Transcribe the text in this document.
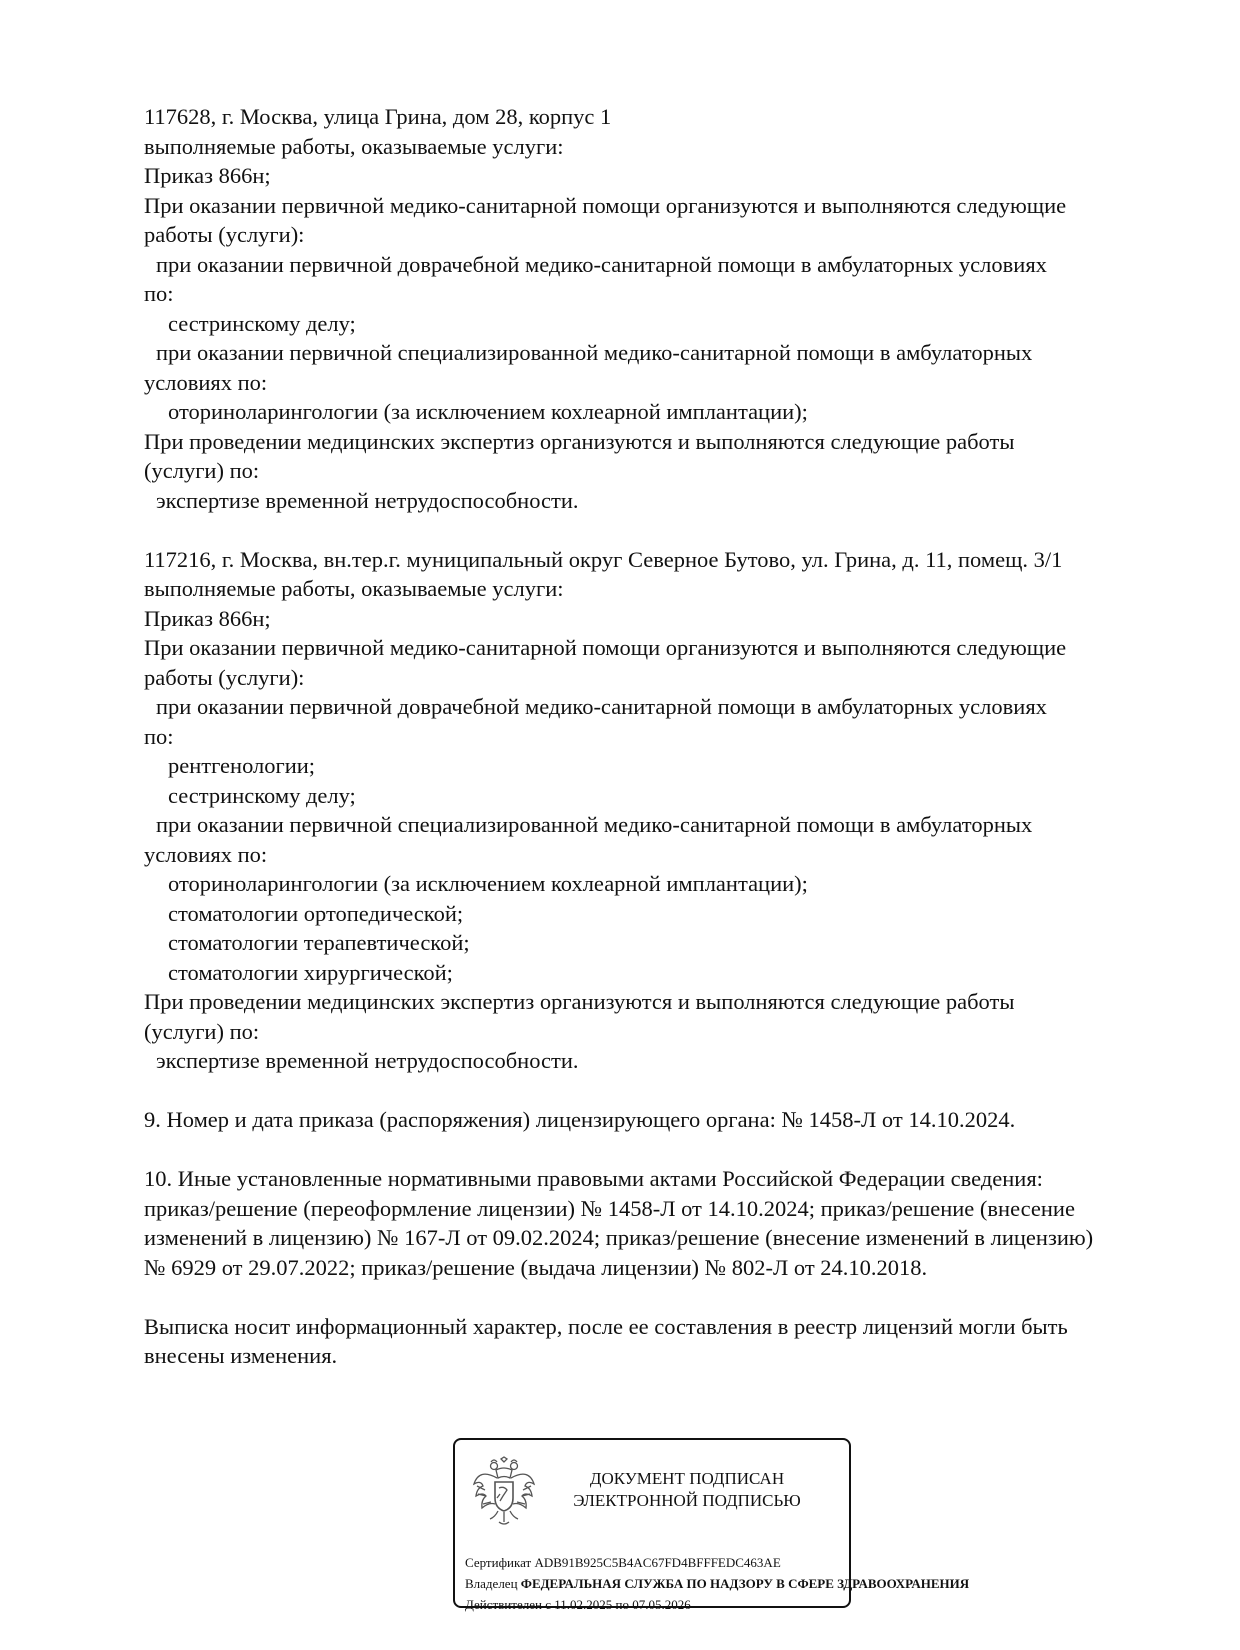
117628, г. Москва, улица Грина, дом 28, корпус 1
выполняемые работы, оказываемые услуги:
Приказ 866н;
При оказании первичной медико-санитарной помощи организуются и выполняются следующие
работы (услуги):
при оказании первичной доврачебной медико-санитарной помощи в амбулаторных условиях
по:
сестринскому делу;
при оказании первичной специализированной медико-санитарной помощи в амбулаторных
условиях по:
оториноларингологии (за исключением кохлеарной имплантации);
При проведении медицинских экспертиз организуются и выполняются следующие работы
(услуги) по:
экспертизе временной нетрудоспособности.
117216, г. Москва, вн.тер.г. муниципальный округ Северное Бутово, ул. Грина, д. 11, помещ. 3/1
выполняемые работы, оказываемые услуги:
Приказ 866н;
При оказании первичной медико-санитарной помощи организуются и выполняются следующие
работы (услуги):
при оказании первичной доврачебной медико-санитарной помощи в амбулаторных условиях
по:
рентгенологии;
сестринскому делу;
при оказании первичной специализированной медико-санитарной помощи в амбулаторных
условиях по:
оториноларингологии (за исключением кохлеарной имплантации);
стоматологии ортопедической;
стоматологии терапевтической;
стоматологии хирургической;
При проведении медицинских экспертиз организуются и выполняются следующие работы
(услуги) по:
экспертизе временной нетрудоспособности.
9. Номер и дата приказа (распоряжения) лицензирующего органа: № 1458-Л от 14.10.2024.
10. Иные установленные нормативными правовыми актами Российской Федерации сведения:
приказ/решение (переоформление лицензии) № 1458-Л от 14.10.2024; приказ/решение (внесение
изменений в лицензию) № 167-Л от 09.02.2024; приказ/решение (внесение изменений в лицензию)
№ 6929 от 29.07.2022; приказ/решение (выдача лицензии) № 802-Л от 24.10.2018.
Выписка носит информационный характер, после ее составления в реестр лицензий могли быть
внесены изменения.
ДОКУМЕНТ ПОДПИСАН
ЭЛЕКТРОННОЙ ПОДПИСЬЮ
Сертификат ADB91B925C5B4AC67FD4BFFFEDC463AE
Владелец ФЕДЕРАЛЬНАЯ СЛУЖБА ПО НАДЗОРУ В СФЕРЕ ЗДРАВООХРАНЕНИЯ
Действителен с 11.02.2025 по 07.05.2026
